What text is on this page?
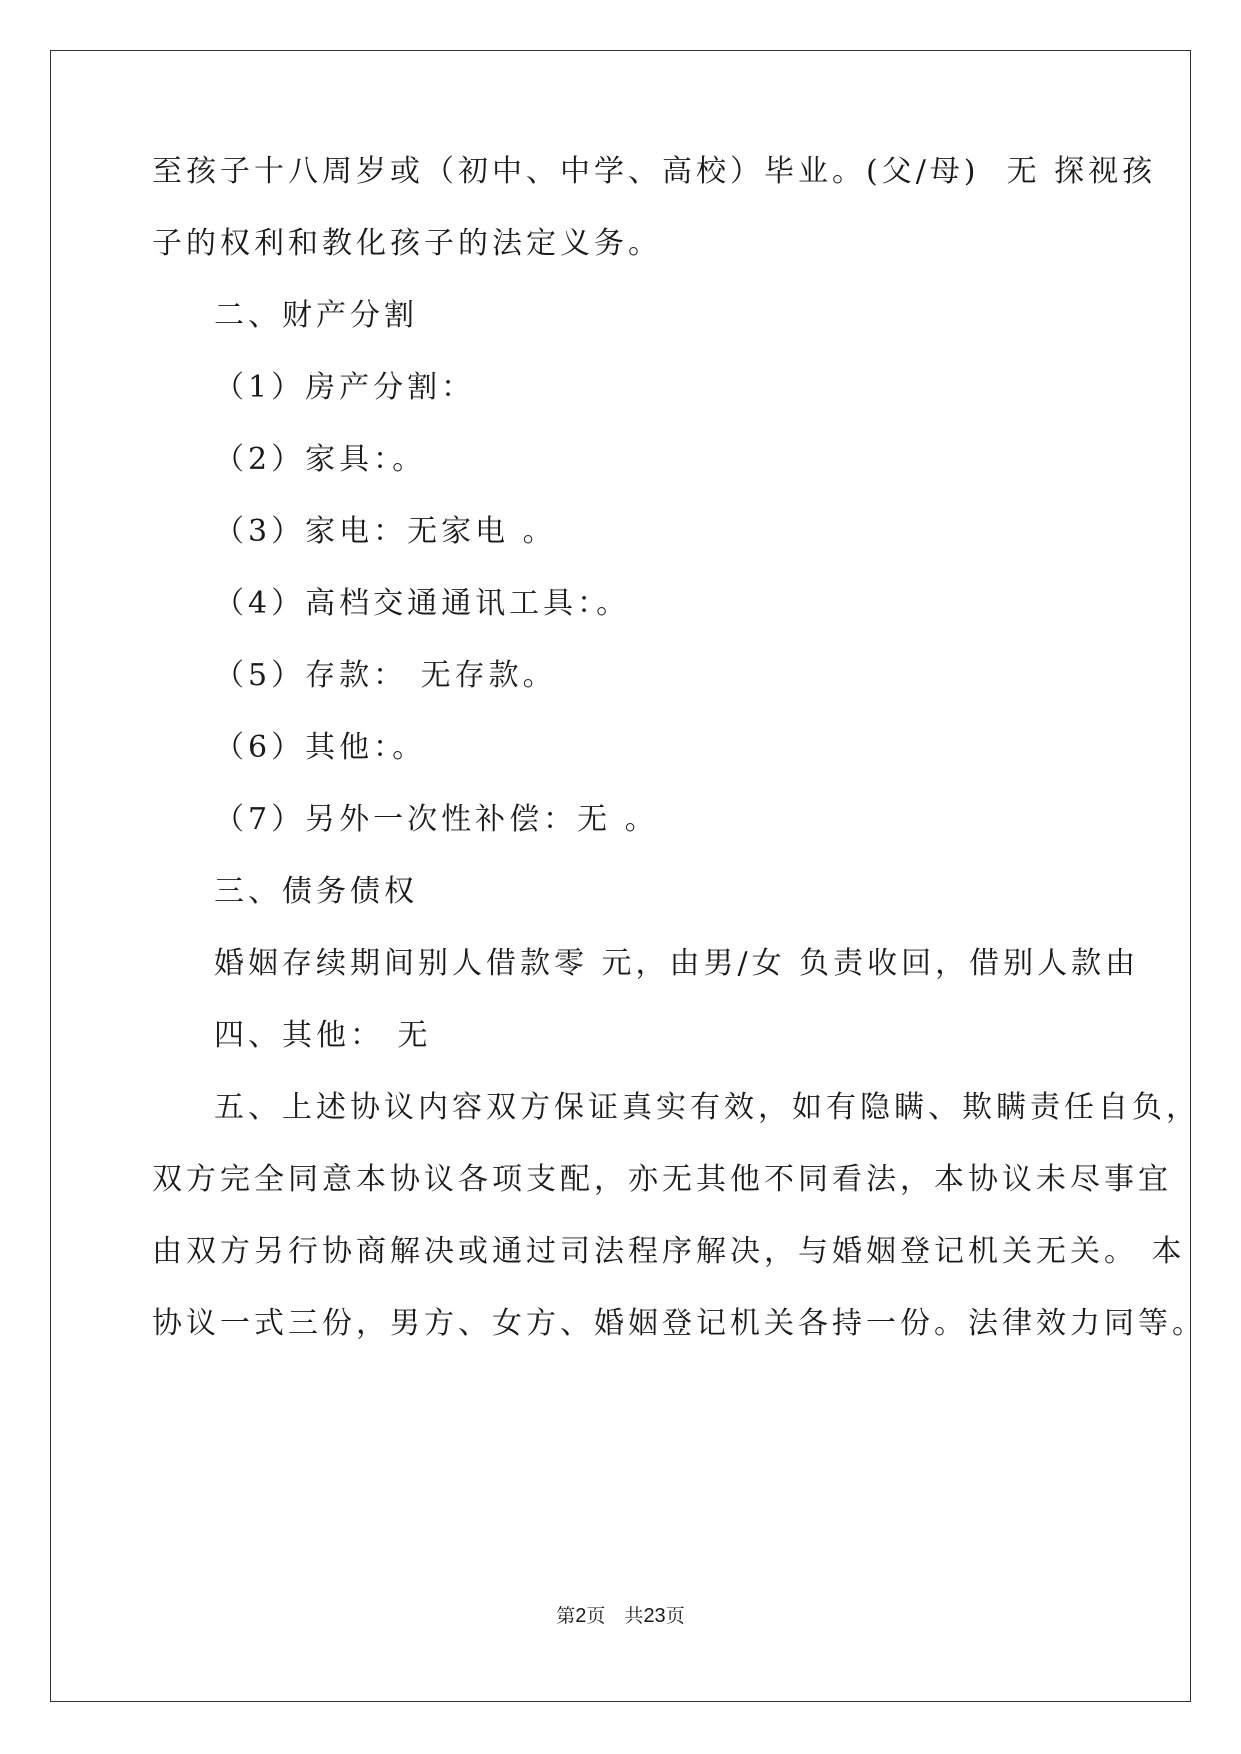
至孩子十八周岁或（初中、中学、高校）毕业。(父/母)  无 探视孩
子的权利和教化孩子的法定义务。
二、财产分割
（1）房产分割：
（2）家具：。
（3）家电：无家电 。
（4）高档交通通讯工具：。
（5）存款： 无存款。
（6）其他：。
（7）另外一次性补偿：无 。
三、债务债权
婚姻存续期间别人借款零 元，由男/女 负责收回，借别人款由
四、其他： 无
五、上述协议内容双方保证真实有效，如有隐瞒、欺瞒责任自负，
双方完全同意本协议各项支配，亦无其他不同看法，本协议未尽事宜
由双方另行协商解决或通过司法程序解决，与婚姻登记机关无关。 本
协议一式三份，男方、女方、婚姻登记机关各持一份。法律效力同等。
第2页　共23页
